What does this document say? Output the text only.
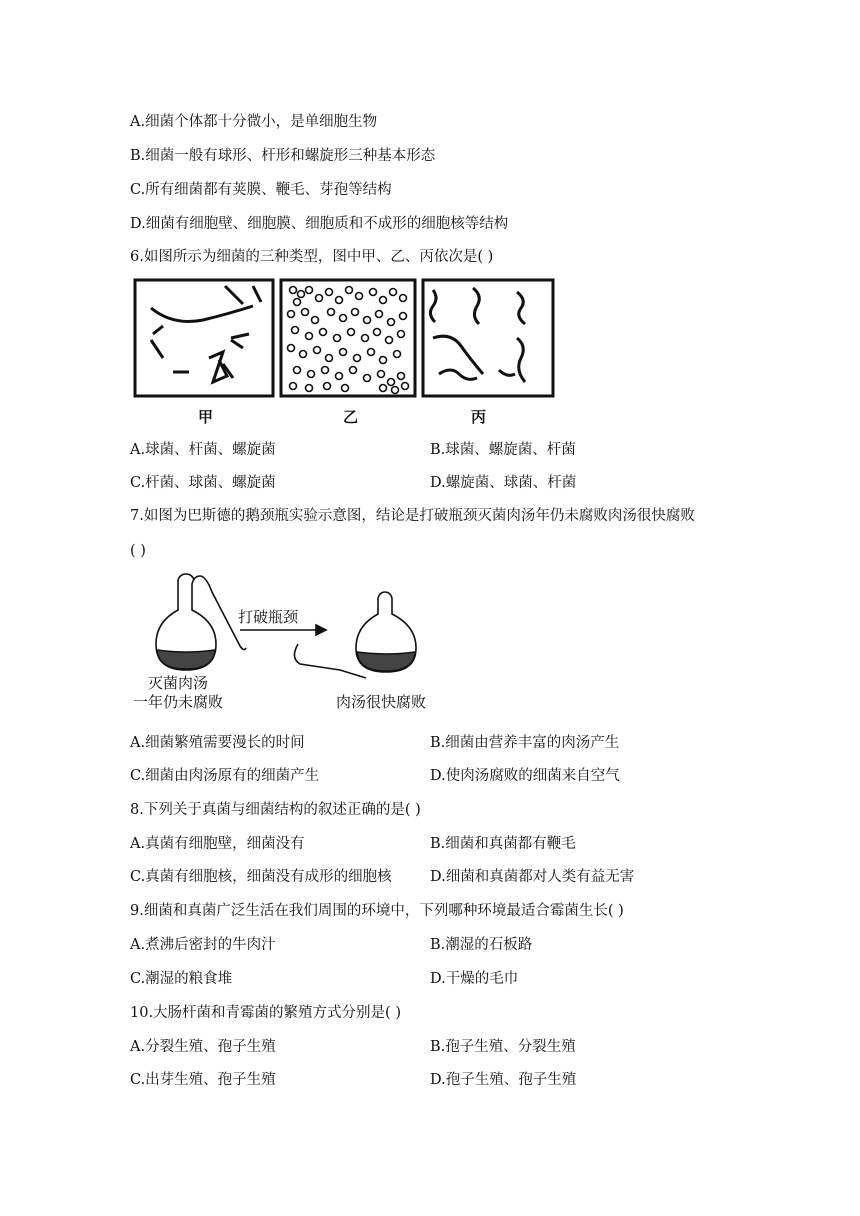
A.细菌个体都十分微小，是单细胞生物
B.细菌一般有球形、杆形和螺旋形三种基本形态
C.所有细菌都有荚膜、鞭毛、芽孢等结构
D.细菌有细胞壁、细胞膜、细胞质和不成形的细胞核等结构
6.如图所示为细菌的三种类型，图中甲、乙、丙依次是( )
甲	乙	丙
A.球菌、杆菌、螺旋菌	B.球菌、螺旋菌、杆菌
C.杆菌、球菌、螺旋菌	D.螺旋菌、球菌、杆菌
7.如图为巴斯德的鹅颈瓶实验示意图，结论是打破瓶颈灭菌肉汤年仍未腐败肉汤很快腐败
( )
打破瓶颈
灭菌肉汤
一年仍未腐败	肉汤很快腐败
A.细菌繁殖需要漫长的时间	B.细菌由营养丰富的肉汤产生
C.细菌由肉汤原有的细菌产生	D.使肉汤腐败的细菌来自空气
8.下列关于真菌与细菌结构的叙述正确的是( )
A.真菌有细胞壁，细菌没有	B.细菌和真菌都有鞭毛
C.真菌有细胞核，细菌没有成形的细胞核	D.细菌和真菌都对人类有益无害
9.细菌和真菌广泛生活在我们周围的环境中，下列哪种环境最适合霉菌生长( )
A.煮沸后密封的牛肉汁	B.潮湿的石板路
C.潮湿的粮食堆	D.干燥的毛巾
10.大肠杆菌和青霉菌的繁殖方式分别是( )
A.分裂生殖、孢子生殖	B.孢子生殖、分裂生殖
C.出芽生殖、孢子生殖	D.孢子生殖、孢子生殖
